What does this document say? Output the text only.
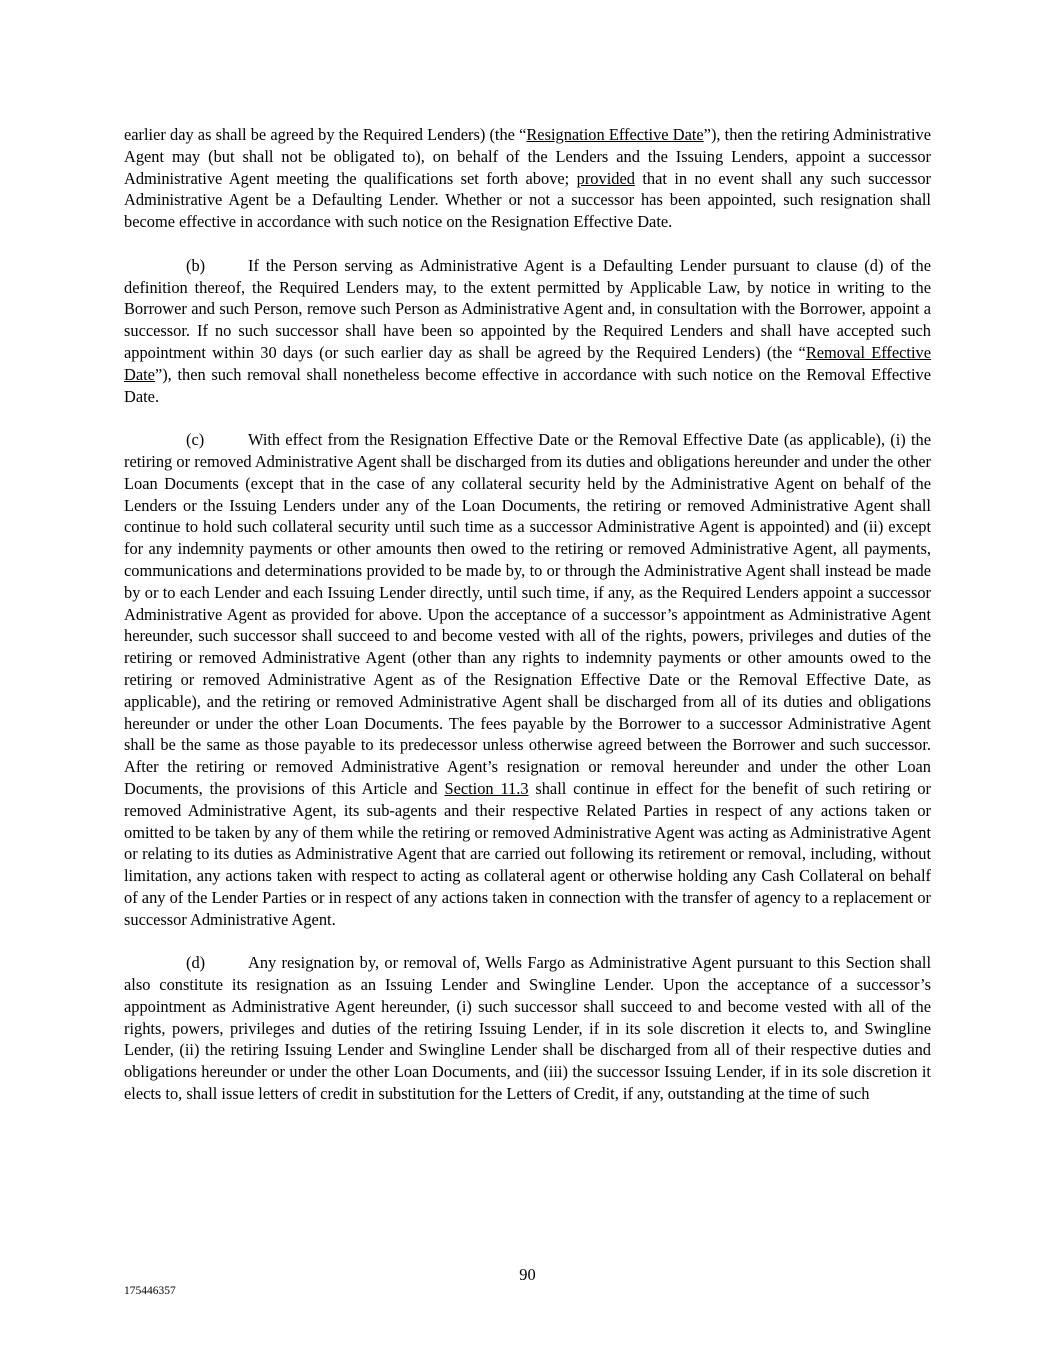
earlier day as shall be agreed by the Required Lenders) (the “Resignation Effective Date”), then the retiring Administrative Agent may (but shall not be obligated to), on behalf of the Lenders and the Issuing Lenders, appoint a successor Administrative Agent meeting the qualifications set forth above; provided that in no event shall any such successor Administrative Agent be a Defaulting Lender. Whether or not a successor has been appointed, such resignation shall become effective in accordance with such notice on the Resignation Effective Date.

(b)	If the Person serving as Administrative Agent is a Defaulting Lender pursuant to clause (d) of the definition thereof, the Required Lenders may, to the extent permitted by Applicable Law, by notice in writing to the Borrower and such Person, remove such Person as Administrative Agent and, in consultation with the Borrower, appoint a successor. If no such successor shall have been so appointed by the Required Lenders and shall have accepted such appointment within 30 days (or such earlier day as shall be agreed by the Required Lenders) (the “Removal Effective Date”), then such removal shall nonetheless become effective in accordance with such notice on the Removal Effective Date.

(c)	With effect from the Resignation Effective Date or the Removal Effective Date (as applicable), (i) the retiring or removed Administrative Agent shall be discharged from its duties and obligations hereunder and under the other Loan Documents (except that in the case of any collateral security held by the Administrative Agent on behalf of the Lenders or the Issuing Lenders under any of the Loan Documents, the retiring or removed Administrative Agent shall continue to hold such collateral security until such time as a successor Administrative Agent is appointed) and (ii) except for any indemnity payments or other amounts then owed to the retiring or removed Administrative Agent, all payments, communications and determinations provided to be made by, to or through the Administrative Agent shall instead be made by or to each Lender and each Issuing Lender directly, until such time, if any, as the Required Lenders appoint a successor Administrative Agent as provided for above. Upon the acceptance of a successor’s appointment as Administrative Agent hereunder, such successor shall succeed to and become vested with all of the rights, powers, privileges and duties of the retiring or removed Administrative Agent (other than any rights to indemnity payments or other amounts owed to the retiring or removed Administrative Agent as of the Resignation Effective Date or the Removal Effective Date, as applicable), and the retiring or removed Administrative Agent shall be discharged from all of its duties and obligations hereunder or under the other Loan Documents. The fees payable by the Borrower to a successor Administrative Agent shall be the same as those payable to its predecessor unless otherwise agreed between the Borrower and such successor. After the retiring or removed Administrative Agent’s resignation or removal hereunder and under the other Loan Documents, the provisions of this Article and Section 11.3 shall continue in effect for the benefit of such retiring or removed Administrative Agent, its sub-agents and their respective Related Parties in respect of any actions taken or omitted to be taken by any of them while the retiring or removed Administrative Agent was acting as Administrative Agent or relating to its duties as Administrative Agent that are carried out following its retirement or removal, including, without limitation, any actions taken with respect to acting as collateral agent or otherwise holding any Cash Collateral on behalf of any of the Lender Parties or in respect of any actions taken in connection with the transfer of agency to a replacement or successor Administrative Agent.

(d)	Any resignation by, or removal of, Wells Fargo as Administrative Agent pursuant to this Section shall also constitute its resignation as an Issuing Lender and Swingline Lender. Upon the acceptance of a successor’s appointment as Administrative Agent hereunder, (i) such successor shall succeed to and become vested with all of the rights, powers, privileges and duties of the retiring Issuing Lender, if in its sole discretion it elects to, and Swingline Lender, (ii) the retiring Issuing Lender and Swingline Lender shall be discharged from all of their respective duties and obligations hereunder or under the other Loan Documents, and (iii) the successor Issuing Lender, if in its sole discretion it elects to, shall issue letters of credit in substitution for the Letters of Credit, if any, outstanding at the time of such

90
175446357
